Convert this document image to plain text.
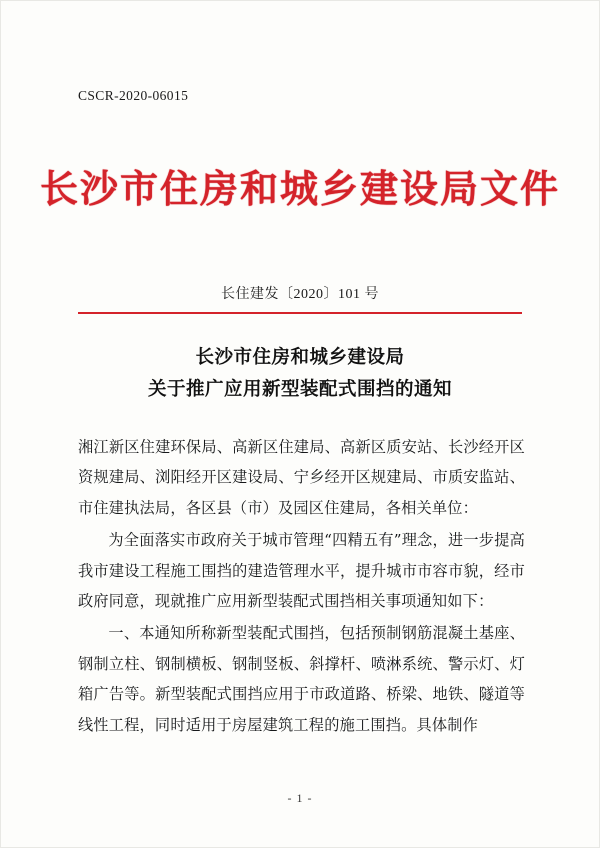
CSCR-2020-06015
长沙市住房和城乡建设局文件
长住建发〔2020〕101 号
长沙市住房和城乡建设局
关于推广应用新型装配式围挡的通知

湘江新区住建环保局、高新区住建局、高新区质安站、长沙经开区资规建局、浏阳经开区建设局、宁乡经开区规建局、市质安监站、市住建执法局，各区县（市）及园区住建局，各相关单位：

为全面落实市政府关于城市管理“四精五有”理念，进一步提高我市建设工程施工围挡的建造管理水平，提升城市市容市貌，经市政府同意，现就推广应用新型装配式围挡相关事项通知如下：

一、本通知所称新型装配式围挡，包括预制钢筋混凝土基座、钢制立柱、钢制横板、钢制竖板、斜撑杆、喷淋系统、警示灯、灯箱广告等。新型装配式围挡应用于市政道路、桥梁、地铁、隧道等线性工程，同时适用于房屋建筑工程的施工围挡。具体制作

- 1 -
